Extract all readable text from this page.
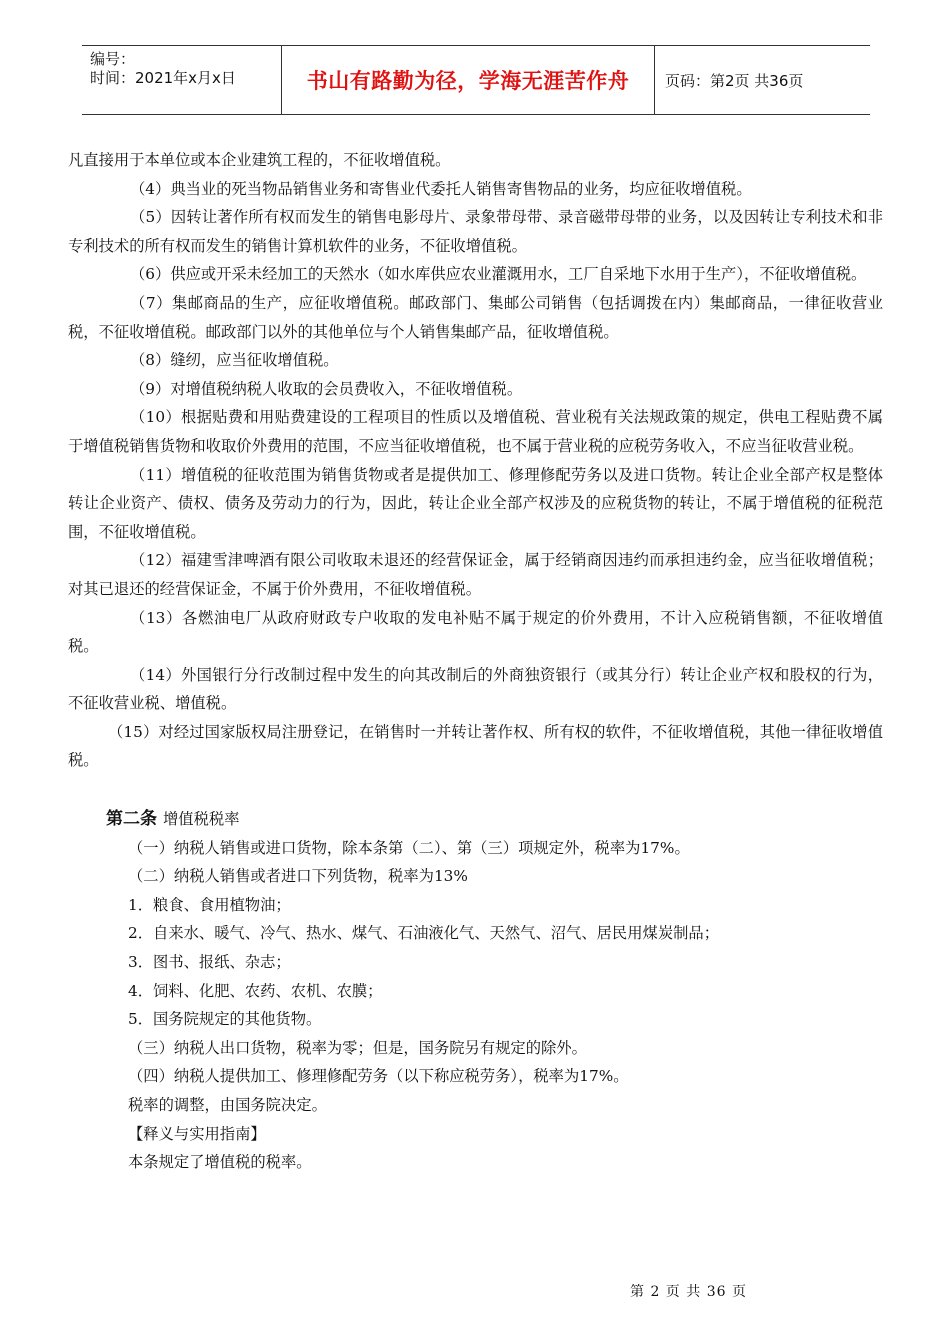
编号：
时间：2021年x月x日	书山有路勤为径，学海无涯苦作舟	页码：第2页 共36页

凡直接用于本单位或本企业建筑工程的，不征收增值税。

（4）典当业的死当物品销售业务和寄售业代委托人销售寄售物品的业务，均应征收增值税。

（5）因转让著作所有权而发生的销售电影母片、录象带母带、录音磁带母带的业务，以及因转让专利技术和非专利技术的所有权而发生的销售计算机软件的业务，不征收增值税。

（6）供应或开采未经加工的天然水（如水库供应农业灌溉用水，工厂自采地下水用于生产），不征收增值税。

（7）集邮商品的生产，应征收增值税。邮政部门、集邮公司销售（包括调拨在内）集邮商品，一律征收营业税，不征收增值税。邮政部门以外的其他单位与个人销售集邮产品，征收增值税。

（8）缝纫，应当征收增值税。

（9）对增值税纳税人收取的会员费收入，不征收增值税。

（10）根据贴费和用贴费建设的工程项目的性质以及增值税、营业税有关法规政策的规定，供电工程贴费不属于增值税销售货物和收取价外费用的范围，不应当征收增值税，也不属于营业税的应税劳务收入，不应当征收营业税。

（11）增值税的征收范围为销售货物或者是提供加工、修理修配劳务以及进口货物。转让企业全部产权是整体转让企业资产、债权、债务及劳动力的行为，因此，转让企业全部产权涉及的应税货物的转让，不属于增值税的征税范围，不征收增值税。

（12）福建雪津啤酒有限公司收取未退还的经营保证金，属于经销商因违约而承担违约金，应当征收增值税；对其已退还的经营保证金，不属于价外费用，不征收增值税。

（13）各燃油电厂从政府财政专户收取的发电补贴不属于规定的价外费用，不计入应税销售额，不征收增值税。

（14）外国银行分行改制过程中发生的向其改制后的外商独资银行（或其分行）转让企业产权和股权的行为，不征收营业税、增值税。

（15）对经过国家版权局注册登记，在销售时一并转让著作权、所有权的软件，不征收增值税，其他一律征收增值税。

第二条 增值税税率

（一）纳税人销售或进口货物，除本条第（二）、第（三）项规定外，税率为17%。

（二）纳税人销售或者进口下列货物，税率为13%

1．粮食、食用植物油；

2．自来水、暖气、冷气、热水、煤气、石油液化气、天然气、沼气、居民用煤炭制品；

3．图书、报纸、杂志；

4．饲料、化肥、农药、农机、农膜；

5．国务院规定的其他货物。

（三）纳税人出口货物，税率为零；但是，国务院另有规定的除外。

（四）纳税人提供加工、修理修配劳务（以下称应税劳务），税率为17%。

税率的调整，由国务院决定。

【释义与实用指南】

本条规定了增值税的税率。

第 2 页 共 36 页
